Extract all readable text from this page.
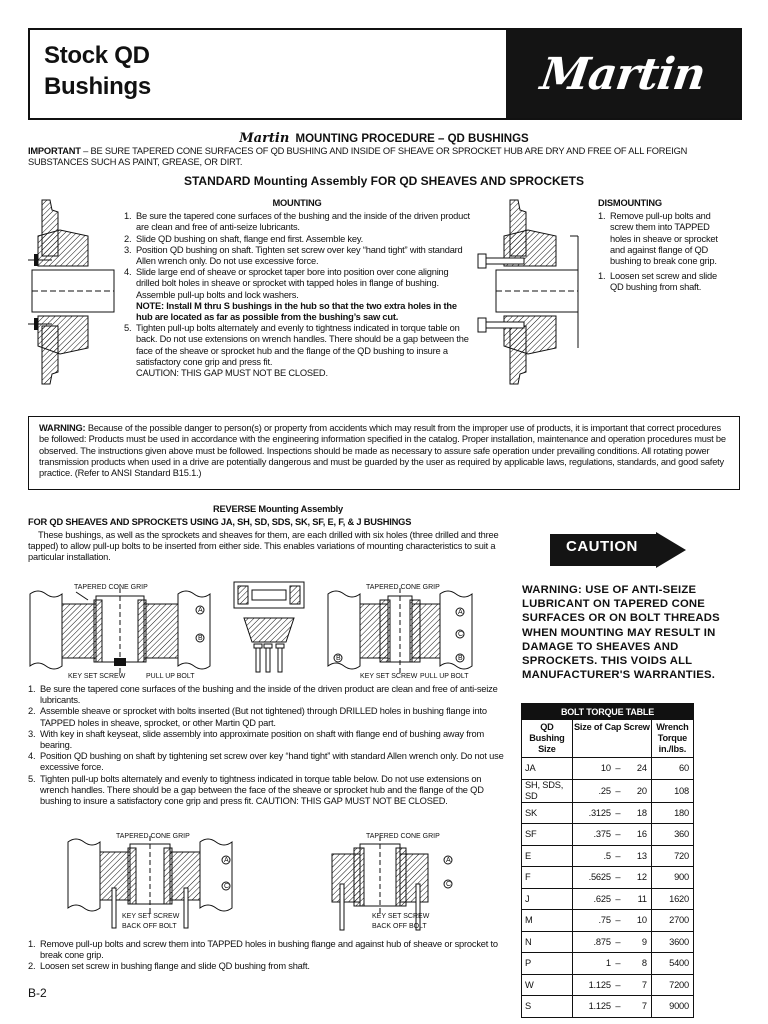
Stock QD
Bushings	Martin
Martin MOUNTING PROCEDURE – QD BUSHINGS
IMPORTANT – BE SURE TAPERED CONE SURFACES OF QD BUSHING AND INSIDE OF SHEAVE OR SPROCKET HUB ARE DRY AND FREE OF ALL FOREIGN SUBSTANCES SUCH AS PAINT, GREASE, OR DIRT.
STANDARD Mounting Assembly FOR QD SHEAVES AND SPROCKETS
MOUNTING
1. Be sure the tapered cone surfaces of the bushing and the inside of the driven product are clean and free of anti-seize lubricants.
2. Slide QD bushing on shaft, flange end first. Assemble key.
3. Position QD bushing on shaft. Tighten set screw over key “hand tight” with standard Allen wrench only. Do not use excessive force.
4. Slide large end of sheave or sprocket taper bore into position over cone aligning drilled bolt holes in sheave or sprocket with tapped holes in flange of bushing. Assemble pull-up bolts and lock washers.
NOTE: Install M thru S bushings in the hub so that the two extra holes in the hub are located as far as possible from the bushing’s saw cut.
5. Tighten pull-up bolts alternately and evenly to tightness indicated in torque table on back. Do not use extensions on wrench handles. There should be a gap between the face of the sheave or sprocket hub and the flange of the QD bushing to insure a satisfactory cone grip and press fit.
CAUTION: THIS GAP MUST NOT BE CLOSED.
DISMOUNTING
1. Remove pull-up bolts and screw them into TAPPED holes in sheave or sprocket and against flange of QD bushing to break cone grip.
1. Loosen set screw and slide QD bushing from shaft.
WARNING: Because of the possible danger to person(s) or property from accidents which may result from the improper use of products, it is important that correct procedures be followed: Products must be used in accordance with the engineering information specified in the catalog. Proper installation, maintenance and operation procedures must be observed. The instructions given above must be followed. Inspections should be made as necessary to assure safe operation under prevailing conditions. All rotating power transmission products when used in a drive are potentially dangerous and must be guarded by the user as required by applicable laws, regulations, standards, and good safety practice. (Refer to ANSI Standard B15.1.)
REVERSE Mounting Assembly
FOR QD SHEAVES AND SPROCKETS USING JA, SH, SD, SDS, SK, SF, E, F, & J BUSHINGS
These bushings, as well as the sprockets and sheaves for them, are each drilled with six holes (three drilled and three tapped) to allow pull-up bolts to be inserted from either side. This enables variations of mounting characteristics to suit a particular installation.
TAPERED CONE GRIP
A
B
KEY SET SCREW	PULL UP BOLT
TAPERED CONE GRIP
A
C
B
B
KEY SET SCREW PULL UP BOLT
1. Be sure the tapered cone surfaces of the bushing and the inside of the driven product are clean and free of anti-seize lubricants.
2. Assemble sheave or sprocket with bolts inserted (But not tightened) through DRILLED holes in bushing flange into TAPPED holes in sheave, sprocket, or other Martin QD part.
3. With key in shaft keyseat, slide assembly into approximate position on shaft with flange end of bushing away from bearing.
4. Position QD bushing on shaft by tightening set screw over key “hand tight” with standard Allen wrench only. Do not use excessive force.
5. Tighten pull-up bolts alternately and evenly to tightness indicated in torque table below. Do not use extensions on wrench handles. There should be a gap between the face of the sheave or sprocket hub and the flange of the QD bushing to insure a satisfactory cone grip and press fit. CAUTION: THIS GAP MUST NOT BE CLOSED.
TAPERED CONE GRIP
A
C
KEY SET SCREW
BACK OFF BOLT
TAPERED CONE GRIP
A
C
KEY SET SCREW
BACK OFF BOLT
1. Remove pull-up bolts and screw them into TAPPED holes in bushing flange and against hub of sheave or sprocket to break cone grip.
2. Loosen set screw in bushing flange and slide QD bushing from shaft.
CAUTION
WARNING: USE OF ANTI-SEIZE LUBRICANT ON TAPERED CONE SURFACES OR ON BOLT THREADS WHEN MOUNTING MAY RESULT IN DAMAGE TO SHEAVES AND SPROCKETS. THIS VOIDS ALL MANUFACTURER'S WARRANTIES.
BOLT TORQUE TABLE		
QD Bushing Size	Size of Cap Screw	Wrench Torque in./lbs.
JA	10 – 24	60
SH, SDS, SD	.25 – 20	108
SK	.3125 – 18	180
SF	.375 – 16	360
E	.5 – 13	720
F	.5625 – 12	900
J	.625 – 11	1620
M	.75 – 10	2700
N	.875 – 9	3600
P	1 – 8	5400
W	1.125 – 7	7200
S	1.125 – 7	9000
B-2
